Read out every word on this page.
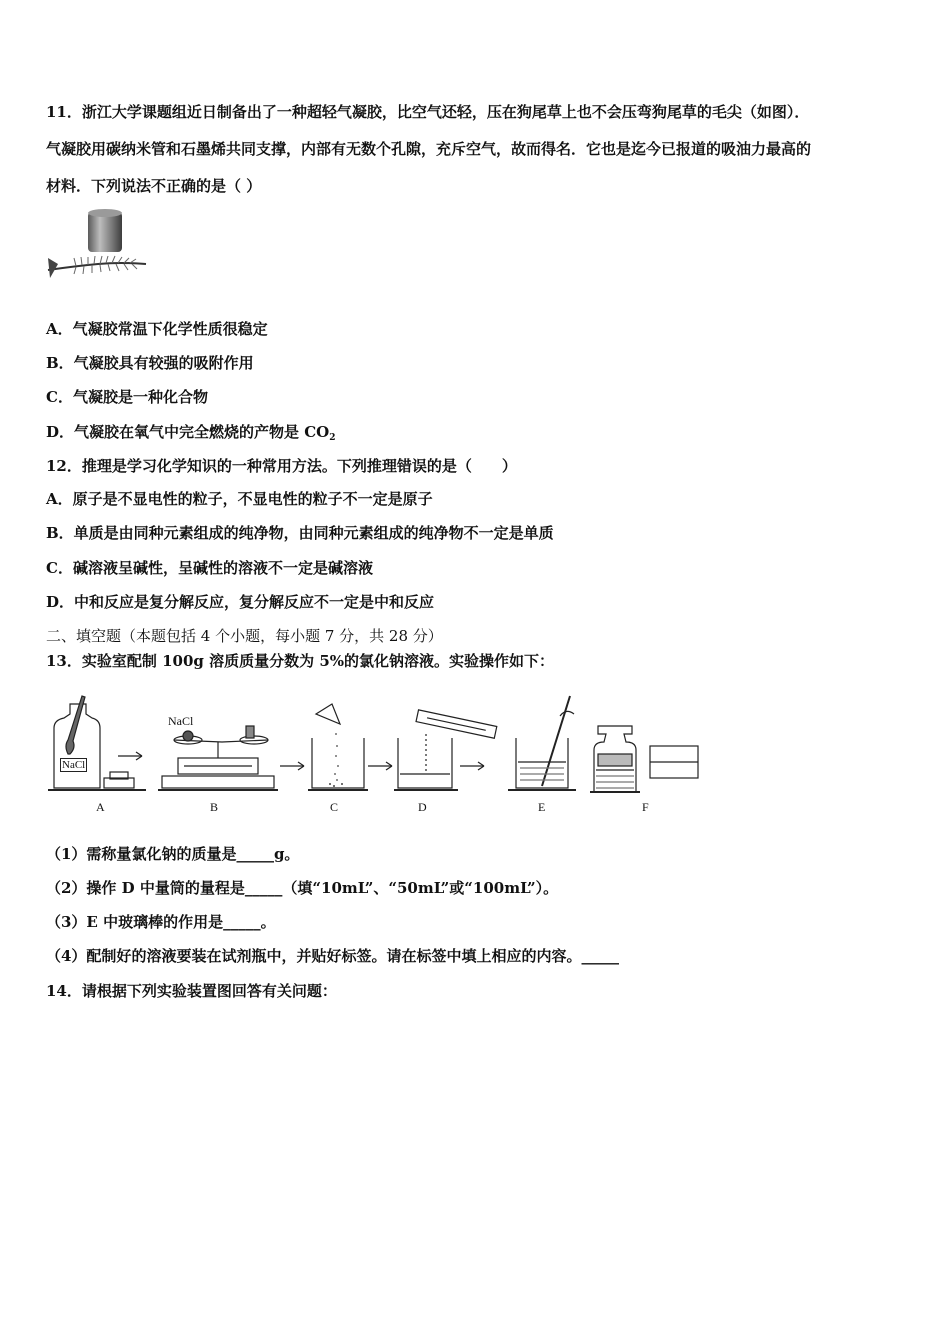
11．浙江大学课题组近日制备出了一种超轻气凝胶，比空气还轻，压在狗尾草上也不会压弯狗尾草的毛尖（如图）．
气凝胶用碳纳米管和石墨烯共同支撑，内部有无数个孔隙，充斥空气，故而得名．它也是迄今已报道的吸油力最高的
材料．下列说法不正确的是（ ）
A．气凝胶常温下化学性质很稳定
B．气凝胶具有较强的吸附作用
C．气凝胶是一种化合物
D．气凝胶在氧气中完全燃烧的产物是 $CO_2$
12．推理是学习化学知识的一种常用方法。下列推理错误的是（　　）
A．原子是不显电性的粒子，不显电性的粒子不一定是原子
B．单质是由同种元素组成的纯净物，由同种元素组成的纯净物不一定是单质
C．碱溶液呈碱性，呈碱性的溶液不一定是碱溶液
D．中和反应是复分解反应，复分解反应不一定是中和反应
二、填空题（本题包括 4 个小题，每小题 7 分，共 28 分）
13．实验室配制 100g 溶质质量分数为 5%的氯化钠溶液。实验操作如下：
NaCl
NaCl
A	B	C	D	E	F
（1）需称量氯化钠的质量是_____g。
（2）操作 D 中量筒的量程是_____（填“10mL”、“50mL”或“100mL”）。
（3）E 中玻璃棒的作用是_____。
（4）配制好的溶液要装在试剂瓶中，并贴好标签。请在标签中填上相应的内容。_____
14．请根据下列实验装置图回答有关问题：
